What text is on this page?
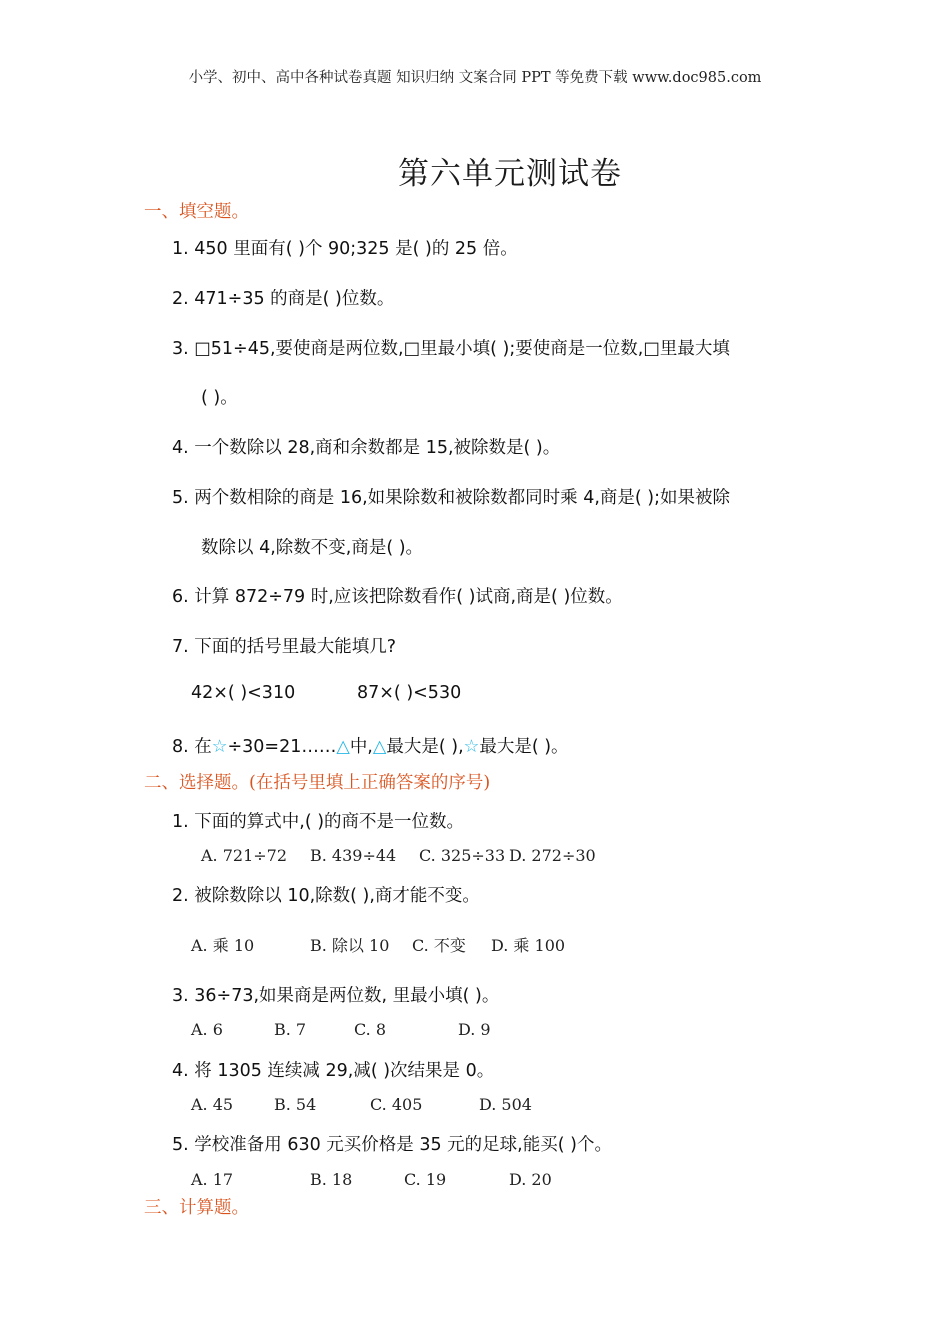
小学、初中、高中各种试卷真题 知识归纳 文案合同 PPT 等免费下载 www.doc985.com
第六单元测试卷
一、填空题。
1. 450 里面有( )个 90;325 是( )的 25 倍。
2. 471÷35 的商是( )位数。
3. □51÷45,要使商是两位数,□里最小填( );要使商是一位数,□里最大填
( )。
4. 一个数除以 28,商和余数都是 15,被除数是( )。
5. 两个数相除的商是 16,如果除数和被除数都同时乘 4,商是( );如果被除
数除以 4,除数不变,商是( )。
6. 计算 872÷79 时,应该把除数看作( )试商,商是( )位数。
7. 下面的括号里最大能填几?
42×( )<310	87×( )<530
8. 在☆÷30=21……△中,△最大是( ),☆最大是( )。
二、选择题。(在括号里填上正确答案的序号)
1. 下面的算式中,( )的商不是一位数。
A. 721÷72 B. 439÷44 C. 325÷33 D. 272÷30
2. 被除数除以 10,除数( ),商才能不变。
A. 乘 10	B. 除以 10 C. 不变 D. 乘 100
3. 36÷73,如果商是两位数, 里最小填( )。
A. 6	B. 7	C. 8	D. 9
4. 将 1305 连续减 29,减( )次结果是 0。
A. 45	B. 54	C. 405	D. 504
5. 学校准备用 630 元买价格是 35 元的足球,能买( )个。
A. 17	B. 18	C. 19	D. 20
三、计算题。
